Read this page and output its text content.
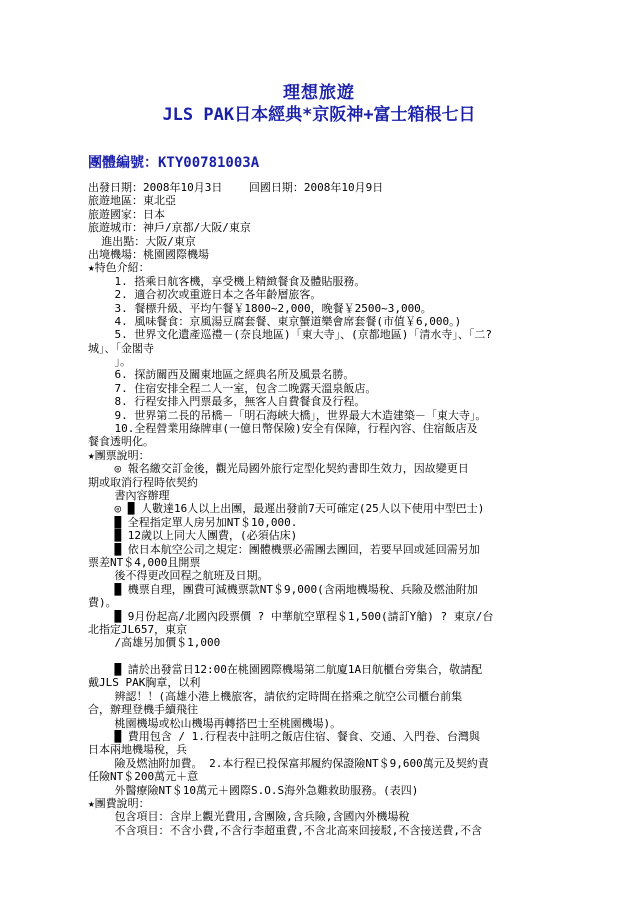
理想旅遊
JLS PAK日本經典*京阪神+富士箱根七日
團體編號：KTY00781003A
出發日期：2008年10月3日    回國日期：2008年10月9日
旅遊地區：東北亞
旅遊國家：日本
旅遊城市：神戶/京都/大阪/東京
進出點：大阪/東京
出境機場：桃園國際機場
★特色介紹：
1. 搭乘日航客機，享受機上精緻餐食及體貼服務。
2. 適合初次或重遊日本之各年齡層旅客。
3. 餐標升級、平均午餐￥1800~2,000，晚餐￥2500~3,000。
4. 風味餐食：京風湯豆腐套餐、東京蟹道樂會席套餐(市值￥6,000。)
5. 世界文化遺產巡禮－(奈良地區)「東大寺」、(京都地區)「清水寺」、「二?
城」、「金閣寺
」。
6. 探訪關西及關東地區之經典名所及風景名勝。
7. 住宿安排全程二人一室，包含二晚露天溫泉飯店。
8. 行程安排入門票最多，無客人自費餐食及行程。
9. 世界第二長的吊橋－「明石海峽大橋」，世界最大木造建築－「東大寺」。
10.全程營業用綠牌車(一億日幣保險)安全有保障，行程內容、住宿飯店及
餐食透明化。
★團票說明：
◎ 報名繳交訂金後，觀光局國外旅行定型化契約書即生效力，因故變更日
期或取消行程時依契約
書內容辦理
◎ █ 人數達16人以上出團，最遲出發前7天可確定(25人以下使用中型巴士)
█ 全程指定單人房另加NT＄10,000.
█ 12歲以上同大人團費，(必須佔床)
█ 依日本航空公司之規定：團體機票必需團去團回，若要早回或延回需另加
票差NT＄4,000且開票
後不得更改回程之航班及日期。
█ 機票自理，團費可減機票款NT＄9,000(含兩地機場稅、兵險及燃油附加
費)。
█ 9月份起高/北國內段票價 ? 中華航空單程＄1,500(請訂Y艙) ? 東京/台
北指定JL657，東京
/高雄另加價＄1,000
█ 請於出發當日12:00在桃園國際機場第二航廈1A日航櫃台旁集合，敬請配
戴JLS PAK胸章，以利
辨認！！(高雄小港上機旅客，請依約定時間在搭乘之航空公司櫃台前集
合，辦理登機手續飛往
桃園機場或松山機場再轉搭巴士至桃園機場)。
█ 費用包含 / 1.行程表中註明之飯店住宿、餐食、交通、入門卷、台灣與
日本兩地機場稅，兵
險及燃油附加費。 2.本行程已投保富邦履約保證險NT＄9,600萬元及契約責
任險NT＄200萬元＋意
外醫療險NT＄10萬元＋國際S.O.S海外急難救助服務。(表四)
★團費說明：
包含項目：含岸上觀光費用,含團險,含兵險,含國內外機場稅
不含項目：不含小費,不含行李超重費,不含北高來回接駁,不含接送費,不含
